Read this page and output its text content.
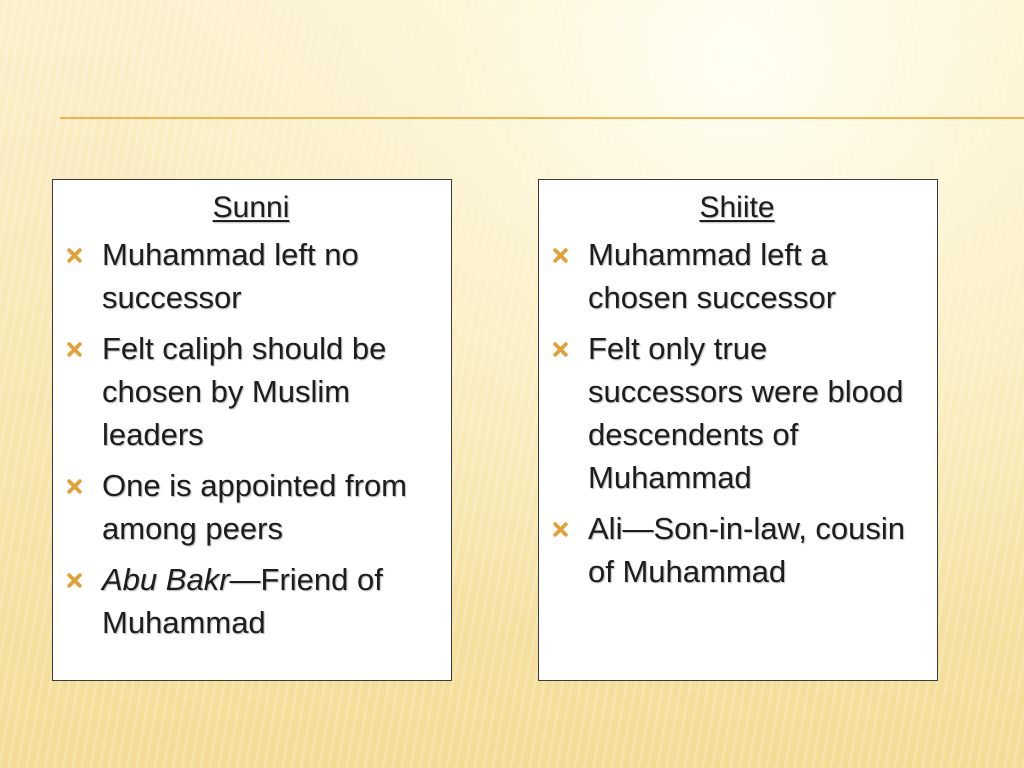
Sunni
Muhammad left no successor
Felt caliph should be chosen by Muslim leaders
One is appointed from among peers
Abu Bakr—Friend of Muhammad
Shiite
Muhammad left a chosen successor
Felt only true successors were blood descendents of Muhammad
Ali—Son-in-law, cousin of Muhammad
